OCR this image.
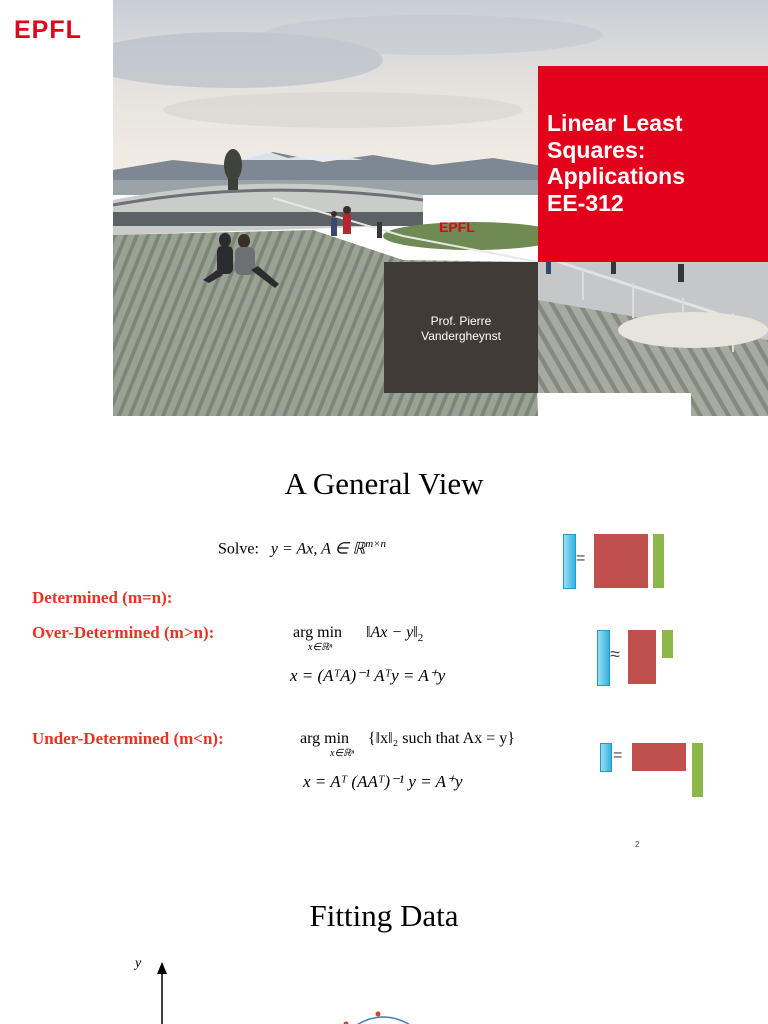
EPFL
EPFL
Linear Least
Squares:
Applications
EE-312
Prof. Pierre
Vandergheynst
A General View
Solve: y = Ax, A ∈ ℝ$^{m\times n}$
=
Determined (m=n):
Over-Determined (m>n):	arg min
x∈ℝⁿ
‖Ax − $y‖_2$
x = (AᵀA)⁻¹ Aᵀy = A⁺y
≈
Under-Determined (m<n):	arg min
x∈ℝⁿ
{‖x‖₂ such that Ax = y}
x = Aᵀ (AAᵀ)⁻¹ y = A⁺y
=
2
Fitting Data
y
